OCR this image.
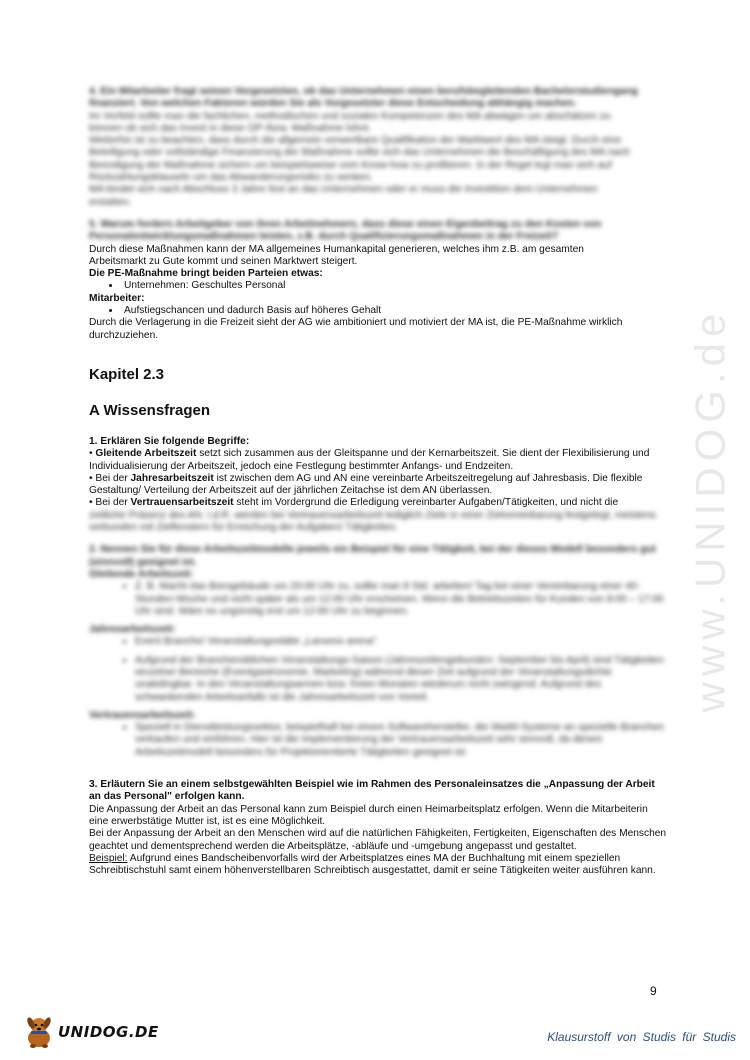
www.UNIDOG.de

4. Ein Mitarbeiter fragt seinen Vorgesetzten, ob das Unternehmen einen berufsbegleitenden Bachelorstudiengang finanziert. Von welchen Faktoren würden Sie als Vorgesetzter diese Entscheidung abhängig machen.

Im Vorfeld sollte man die fachlichen, methodischen und sozialen Kompetenzen des MA abwägen um abschätzen zu

können ob sich das Invest in diese OP-/bzw. Maßnahme lohnt.

Weiterhin ist zu beachten, dass durch die allgemein verwertbare Qualifikation der Marktwert des MA steigt. Durch eine

Beteiligung oder vollständige Finanzierung der Maßnahme sollte sich das Unternehmen die Beschäftigung des MA nach

Beendigung der Maßnahme sichern um beispielsweise vom Know-how zu profitieren. In der Regel legt man sich auf

Rückzahlungsklauseln um das Abwanderungsrisiko zu senken.

MA bindet sich nach Abschluss 3 Jahre fest an das Unternehmen oder er muss die Investition dem Unternehmen

erstatten.

5. Warum fordern Arbeitgeber von ihren Arbeitnehmern, dass diese einen Eigenbeitrag zu den Kosten von Personalentwicklungsmaßnahmen leisten, z.B. durch Qualifizierungsmaßnahmen in der Freizeit?

Durch diese Maßnahmen kann der MA allgemeines Humankapital generieren, welches ihm z.B. am gesamten

Arbeitsmarkt zu Gute kommt und seinen Marktwert steigert.

Die PE-Maßnahme bringt beiden Parteien etwas:

• Unternehmen: Geschultes Personal

Mitarbeiter:

• Aufstiegschancen und dadurch Basis auf höheres Gehalt

Durch die Verlagerung in die Freizeit sieht der AG wie ambitioniert und motiviert der MA ist, die PE-Maßnahme wirklich

durchzuziehen.

Kapitel 2.3
A Wissensfragen

1. Erklären Sie folgende Begriffe:

• Gleitende Arbeitszeit setzt sich zusammen aus der Gleitspanne und der Kernarbeitszeit. Sie dient der Flexibilisierung und Individualisierung der Arbeitszeit, jedoch eine Festlegung bestimmter Anfangs- und Endzeiten.

• Bei der Jahresarbeitszeit ist zwischen dem AG und AN eine vereinbarte Arbeitszeitregelung auf Jahresbasis. Die flexible Gestaltung/ Verteilung der Arbeitszeit auf der jährlichen Zeitachse ist dem AN überlassen.

• Bei der Vertrauensarbeitszeit steht im Vordergrund die Erledigung vereinbarter Aufgaben/Tätigkeiten, und nicht die

zeitliche Präsenz des AN. I.d.R. werden bei Vertrauensarbeitszeit lediglich Ziele in einer Zielvereinbarung festgelegt, meistens verbunden mit Zielfenstern für Erreichung der Aufgaben/ Tätigkeiten.

2. Nennen Sie für diese Arbeitszeitmodelle jeweils ein Beispiel für eine Tätigkeit, bei der dieses Modell besonders gut (sinnvoll) geeignet ist.

Gleitende Arbeitszeit:

• Z. B. Macht das Bürogebäude um 20:00 Uhr zu, sollte man 8 Std. arbeiten/ Tag bei einer Vereinbarung einer 40-Stunden-Woche und nicht später als um 12:00 Uhr erscheinen. Wenn die Betriebszeiten für Kunden von 8:00 – 17:00 Uhr sind. Wäre es ungünstig erst um 12:00 Uhr zu beginnen.

Jahresarbeitszeit:

• Event Branche/ Veranstaltungsstätte „Lanxess arena"
• Aufgrund der Branchenüblichen Veranstaltungs-Saison (Jahreszeitengebunden: September bis April) sind Tätigkeiten einzelner Bereiche (Eventgastronomie, Marketing) während dieser Zeit aufgrund der Veranstaltungsdichte unabdingbar. In den Veranstaltungsarmen bzw. freien Monaten wiederum nicht zwingend. Aufgrund des schwankenden Arbeitsanfalls ist die Jahresarbeitszeit von Vorteil.

Vertrauensarbeitszeit:

• Speziell in Dienstleistungssektor, beispielhaft bei einem Softwarehersteller, die WaWi-Systeme an spezielle Branchen verkaufen und einführen. Hier ist die Implementierung der Vertrauensarbeitszeit sehr sinnvoll, da dieses Arbeitszeitmodell besonders für Projektorientierte Tätigkeiten geeignet ist.

3. Erläutern Sie an einem selbstgewählten Beispiel wie im Rahmen des Personaleinsatzes die „Anpassung der Arbeit an das Personal" erfolgen kann.

Die Anpassung der Arbeit an das Personal kann zum Beispiel durch einen Heimarbeitsplatz erfolgen. Wenn die Mitarbeiterin eine erwerbstätige Mutter ist, ist es eine Möglichkeit.

Bei der Anpassung der Arbeit an den Menschen wird auf die natürlichen Fähigkeiten, Fertigkeiten, Eigenschaften des Menschen geachtet und dementsprechend werden die Arbeitsplätze, -abläufe und -umgebung angepasst und gestaltet.

Beispiel: Aufgrund eines Bandscheibenvorfalls wird der Arbeitsplatzes eines MA der Buchhaltung mit einem speziellen Schreibtischstuhl samt einem höhenverstellbaren Schreibtisch ausgestattet, damit er seine Tätigkeiten weiter ausführen kann.

9
UNIDOG.DE	Klausurstoff von Studis für Studis
